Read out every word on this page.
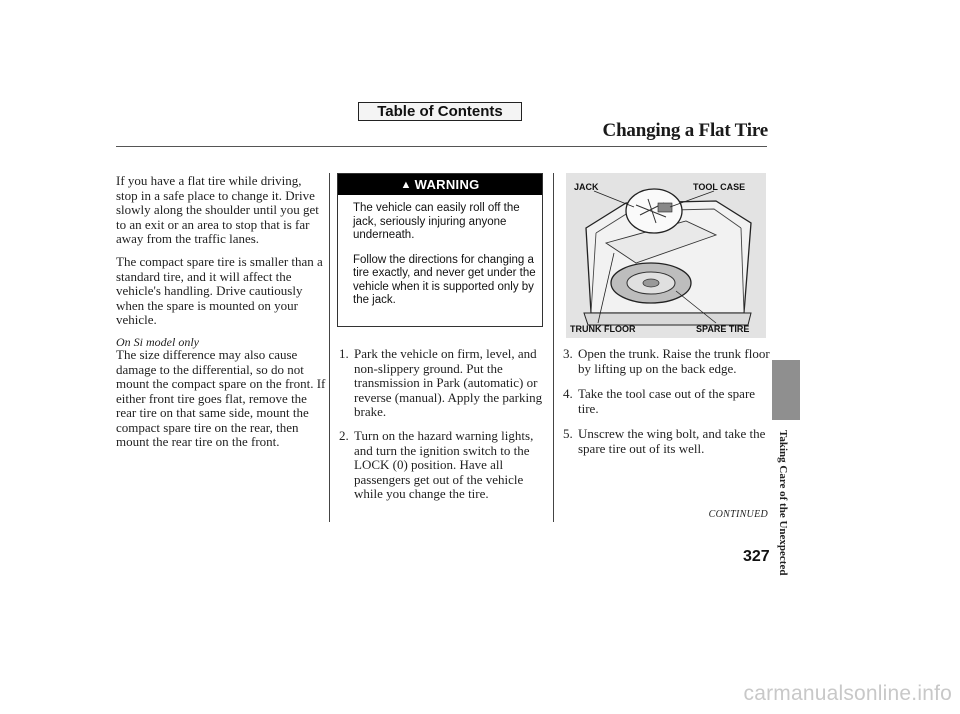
Table of Contents
Changing a Flat Tire
If you have a flat tire while driving, stop in a safe place to change it. Drive slowly along the shoulder until you get to an exit or an area to stop that is far away from the traffic lanes.
The compact spare tire is smaller than a standard tire, and it will affect the vehicle's handling. Drive cautiously when the spare is mounted on your vehicle.
On Si model only
The size difference may also cause damage to the differential, so do not mount the compact spare on the front. If either front tire goes flat, remove the rear tire on that same side, mount the compact spare tire on the rear, then mount the rear tire on the front.
▲ WARNING

The vehicle can easily roll off the jack, seriously injuring anyone underneath.

Follow the directions for changing a tire exactly, and never get under the vehicle when it is supported only by the jack.

1. Park the vehicle on firm, level, and non-slippery ground. Put the transmission in Park (automatic) or reverse (manual). Apply the parking brake.
2. Turn on the hazard warning lights, and turn the ignition switch to the LOCK (0) position. Have all passengers get out of the vehicle while you change the tire.
JACK	TOOL CASE
TRUNK FLOOR	SPARE TIRE
3. Open the trunk. Raise the trunk floor by lifting up on the back edge.
4. Take the tool case out of the spare tire.
5. Unscrew the wing bolt, and take the spare tire out of its well.
CONTINUED Taking Care of the Unexpected
327
carmanualsonline.info
